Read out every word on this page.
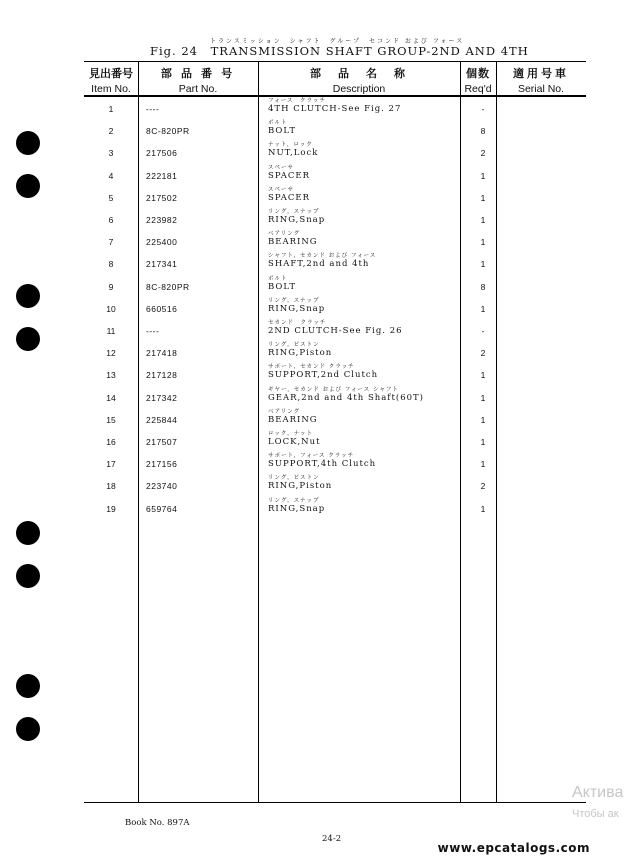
トランスミッション　シャフト　グループ　セコンド および フォース
Fig. 24 TRANSMISSION SHAFT GROUP-2ND AND 4TH
見出番号
Item No.
部 品 番 号
Part No.
部　品　名　称
Description
個数
Req'd
適用号車
Serial No.
1	----
フォース　クラッチ
4TH CLUTCH-See Fig. 27	-
2	8C-820PR
ボルト
BOLT	8
3	217506
ナット，ロック
NUT,Lock	2
4	222181
スペーサ
SPACER	1
5	217502
スペーサ
SPACER	1
6	223982
リング，スナップ
RING,Snap	1
7	225400
ベアリング
BEARING	1
8	217341
シャフト，セカンド および フォース
SHAFT,2nd and 4th	1
9	8C-820PR
ボルト
BOLT	8
10	660516
リング，スナップ
RING,Snap	1
11	----
セカンド　クラッチ
2ND CLUTCH-See Fig. 26	-
12	217418
リング，ピストン
RING,Piston	2
13	217128
サポート，セカンド クラッチ
SUPPORT,2nd Clutch	1
14	217342
ギヤー，セカンド および フォース シャフト
GEAR,2nd and 4th Shaft(60T)	1
15	225844
ベアリング
BEARING	1
16	217507
ロック，ナット
LOCK,Nut	1
17	217156
サポート，フォース クラッチ
SUPPORT,4th Clutch	1
18	223740
リング，ピストン
RING,Piston	2
19	659764
リング，スナップ
RING,Snap	1
Book No. 897A
24-2
www.epcatalogs.com
Актива
Чтобы ак
